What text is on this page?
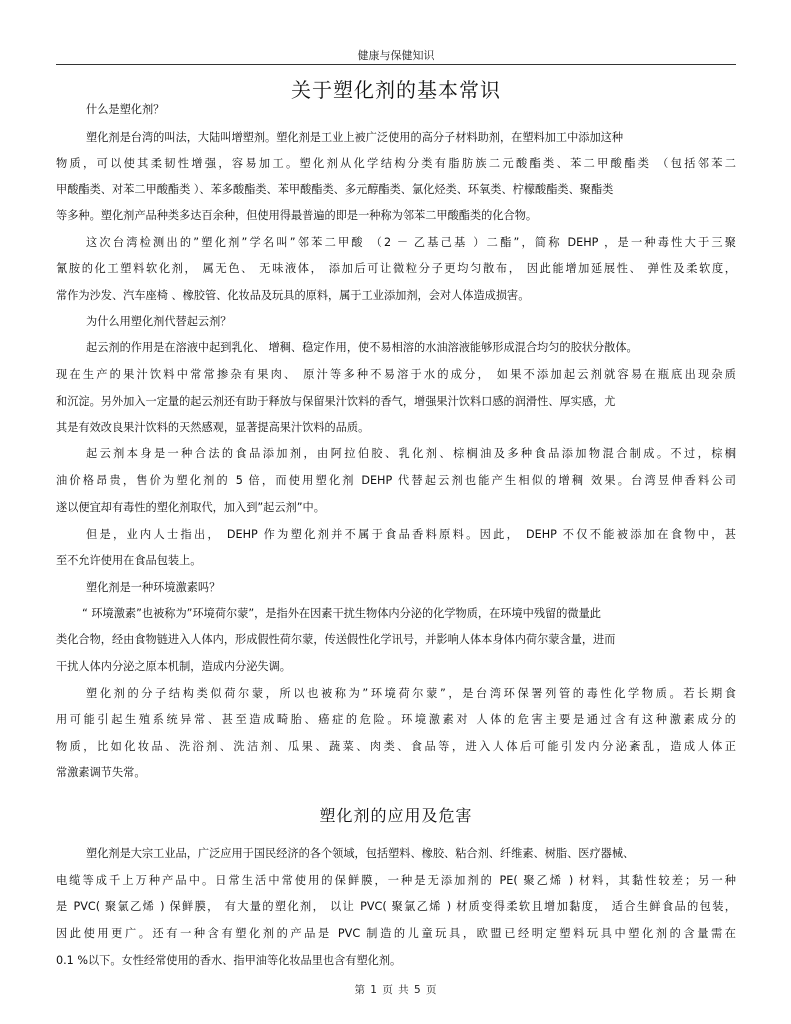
健康与保健知识
关于塑化剂的基本常识
什么是塑化剂？
塑化剂是台湾的叫法，大陆叫增塑剂。塑化剂是工业上被广泛使用的高分子材料助剂，在塑料加工中添加这种
物质，可以使其柔韧性增强，容易加工。塑化剂从化学结构分类有脂肪族二元酸酯类、苯二甲酸酯类 （包括邻苯二
甲酸酯类、对苯二甲酸酯类 ）、苯多酸酯类、苯甲酸酯类、多元醇酯类、氯化烃类、环氧类、柠檬酸酯类、聚酯类
等多种。塑化剂产品种类多达百余种，但使用得最普遍的即是一种称为邻苯二甲酸酯类的化合物。
这次台湾检测出的”塑化剂”学名叫”邻苯二甲酸 （2 － 乙基己基 ）二酯”，简称 DEHP ，是一种毒性大于三聚
氰胺的化工塑料软化剂， 属无色、 无味液体， 添加后可让微粒分子更均匀散布， 因此能增加延展性、 弹性及柔软度，
常作为沙发、汽车座椅 、橡胶管、化妆品及玩具的原料，属于工业添加剂，会对人体造成损害。
为什么用塑化剂代替起云剂？
起云剂的作用是在溶液中起到乳化、 增稠、稳定作用，使不易相溶的水油溶液能够形成混合均匀的胶状分散体。
现在生产的果汁饮料中常常掺杂有果肉、 原汁等多种不易溶于水的成分， 如果不添加起云剂就容易在瓶底出现杂质
和沉淀。另外加入一定量的起云剂还有助于释放与保留果汁饮料的香气，增强果汁饮料口感的润滑性、厚实感，尤
其是有效改良果汁饮料的天然感观，显著提高果汁饮料的品质。
起云剂本身是一种合法的食品添加剂，由阿拉伯胶、乳化剂、棕榈油及多种食品添加物混合制成。不过，棕榈
油价格昂贵，售价为塑化剂的 5 倍，而使用塑化剂 DEHP 代替起云剂也能产生相似的增稠 效果。台湾昱伸香料公司
遂以便宜却有毒性的塑化剂取代，加入到”起云剂”中。
但是，业内人士指出， DEHP 作为塑化剂并不属于食品香料原料。因此， DEHP 不仅不能被添加在食物中，甚
至不允许使用在食品包装上。
塑化剂是一种环境激素吗？
“ 环境激素”也被称为”环境荷尔蒙”，是指外在因素干扰生物体内分泌的化学物质，在环境中残留的微量此
类化合物，经由食物链进入人体内，形成假性荷尔蒙，传送假性化学讯号，并影响人体本身体内荷尔蒙含量，进而
干扰人体内分泌之原本机制，造成内分泌失调。
塑化剂的分子结构类似荷尔蒙，所以也被称为”环境荷尔蒙”，是台湾环保署列管的毒性化学物质。若长期食
用可能引起生殖系统异常、甚至造成畸胎、癌症的危险。环境激素对 人体的危害主要是通过含有这种激素成分的
物质，比如化妆品、洗浴剂、洗洁剂、瓜果、蔬菜、肉类、食品等，进入人体后可能引发内分泌紊乱，造成人体正
常激素调节失常。
塑化剂是大宗工业品，广泛应用于国民经济的各个领域，包括塑料、橡胶、粘合剂、纤维素、树脂、医疗器械、
电缆等成千上万种产品中。日常生活中常使用的保鲜膜，一种是无添加剂的 PE( 聚乙烯 ) 材料，其黏性较差；另一种
是 PVC( 聚氯乙烯 ) 保鲜膜， 有大量的塑化剂， 以让 PVC( 聚氯乙烯 ) 材质变得柔软且增加黏度， 适合生鲜食品的包装，
因此使用更广。还有一种含有塑化剂的产品是 PVC 制造的儿童玩具，欧盟已经明定塑料玩具中塑化剂的含量需在
0.1 %以下。女性经常使用的香水、指甲油等化妆品里也含有塑化剂。
塑化剂的应用及危害
第 1 页 共 5 页
